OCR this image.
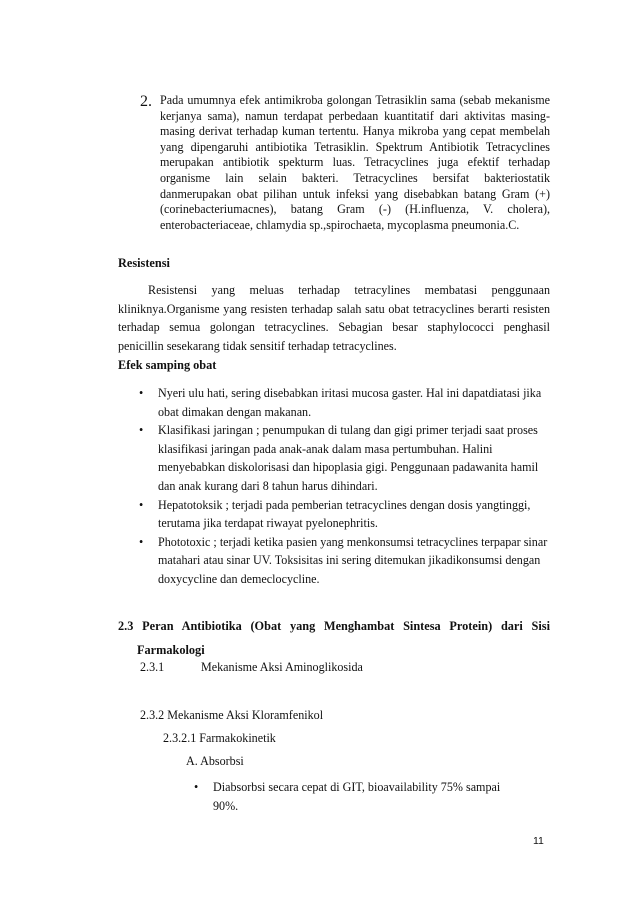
2. Pada umumnya efek antimikroba golongan Tetrasiklin sama (sebab mekanisme kerjanya sama), namun terdapat perbedaan kuantitatif dari aktivitas masing-masing derivat terhadap kuman tertentu. Hanya mikroba yang cepat membelah yang dipengaruhi antibiotika Tetrasiklin. Spektrum Antibiotik Tetracyclines merupakan antibiotik spekturm luas. Tetracyclines juga efektif terhadap organisme lain selain bakteri. Tetracyclines bersifat bakteriostatik danmerupakan obat pilihan untuk infeksi yang disebabkan batang Gram (+) (corinebacteriumacnes), batang Gram (-) (H.influenza, V. cholera), enterobacteriaceae, chlamydia sp.,spirochaeta, mycoplasma pneumonia.C.
Resistensi
Resistensi yang meluas terhadap tetracylines membatasi penggunaan kliniknya.Organisme yang resisten terhadap salah satu obat tetracyclines berarti resisten terhadap semua golongan tetracyclines. Sebagian besar staphylococci penghasil penicillin sesekarang tidak sensitif terhadap tetracyclines.
Efek samping obat
• Nyeri ulu hati, sering disebabkan iritasi mucosa gaster. Hal ini dapatdiatasi jika obat dimakan dengan makanan.
• Klasifikasi jaringan ; penumpukan di tulang dan gigi primer terjadi saat proses klasifikasi jaringan pada anak-anak dalam masa pertumbuhan. Halini menyebabkan diskolorisasi dan hipoplasia gigi. Penggunaan padawanita hamil dan anak kurang dari 8 tahun harus dihindari.
• Hepatotoksik ; terjadi pada pemberian tetracyclines dengan dosis yangtinggi, terutama jika terdapat riwayat pyelonephritis.
• Phototoxic ; terjadi ketika pasien yang menkonsumsi tetracyclines terpapar sinar matahari atau sinar UV. Toksisitas ini sering ditemukan jikadikonsumsi dengan doxycycline dan demeclocycline.
2.3 Peran Antibiotika (Obat yang Menghambat Sintesa Protein) dari Sisi
Farmakologi
2.3.1	Mekanisme Aksi Aminoglikosida
2.3.2 Mekanisme Aksi Kloramfenikol
2.3.2.1 Farmakokinetik
A. Absorbsi
• Diabsorbsi secara cepat di GIT, bioavailability 75% sampai 90%.
11
